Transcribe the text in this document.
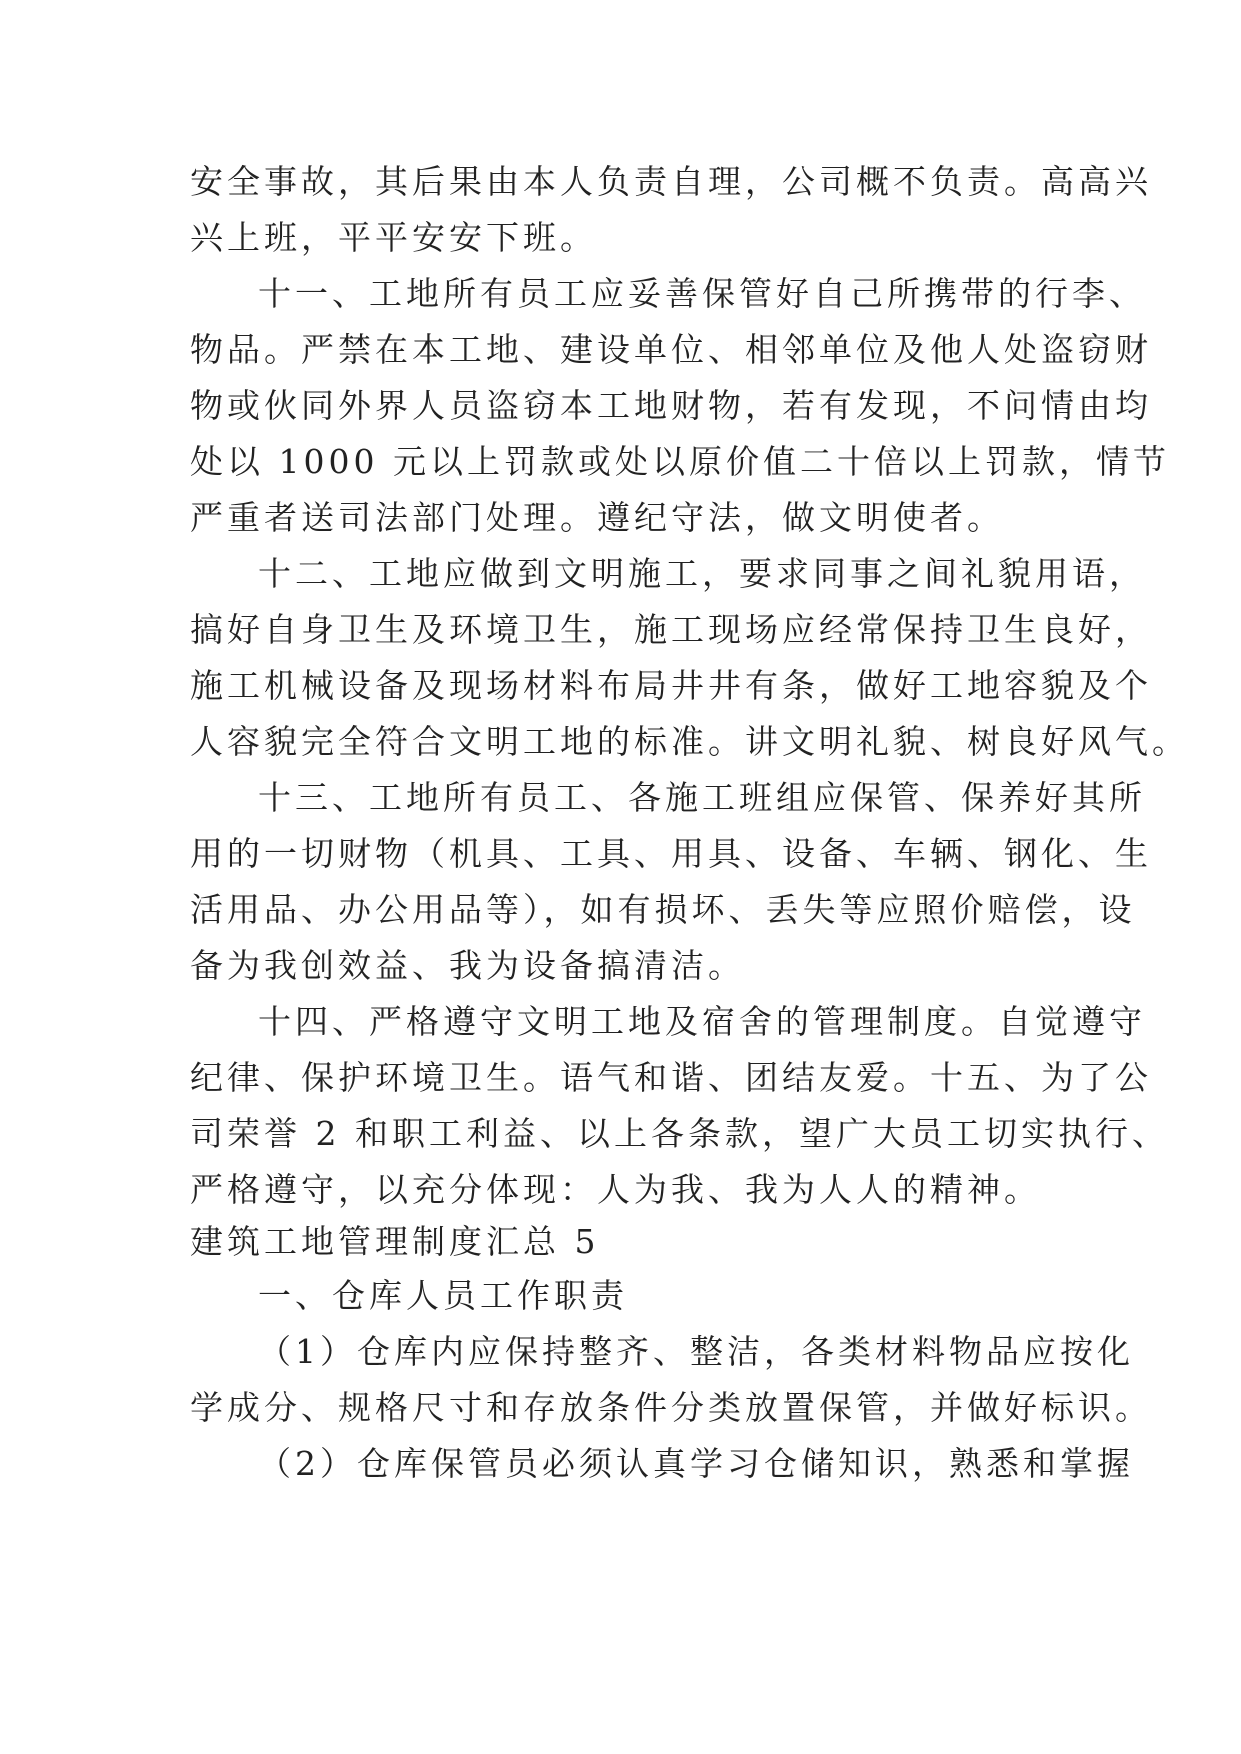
安全事故，其后果由本人负责自理，公司概不负责。高高兴
兴上班，平平安安下班。
十一、工地所有员工应妥善保管好自己所携带的行李、
物品。严禁在本工地、建设单位、相邻单位及他人处盗窃财
物或伙同外界人员盗窃本工地财物，若有发现，不问情由均
处以 1000 元以上罚款或处以原价值二十倍以上罚款，情节
严重者送司法部门处理。遵纪守法，做文明使者。
十二、工地应做到文明施工，要求同事之间礼貌用语，
搞好自身卫生及环境卫生，施工现场应经常保持卫生良好，
施工机械设备及现场材料布局井井有条，做好工地容貌及个
人容貌完全符合文明工地的标准。讲文明礼貌、树良好风气。
十三、工地所有员工、各施工班组应保管、保养好其所
用的一切财物（机具、工具、用具、设备、车辆、钢化、生
活用品、办公用品等），如有损坏、丢失等应照价赔偿，设
备为我创效益、我为设备搞清洁。
十四、严格遵守文明工地及宿舍的管理制度。自觉遵守
纪律、保护环境卫生。语气和谐、团结友爱。十五、为了公
司荣誉 2 和职工利益、以上各条款，望广大员工切实执行、
严格遵守，以充分体现：人为我、我为人人的精神。
建筑工地管理制度汇总 5
一、仓库人员工作职责
（1）仓库内应保持整齐、整洁，各类材料物品应按化
学成分、规格尺寸和存放条件分类放置保管，并做好标识。
（2）仓库保管员必须认真学习仓储知识，熟悉和掌握
